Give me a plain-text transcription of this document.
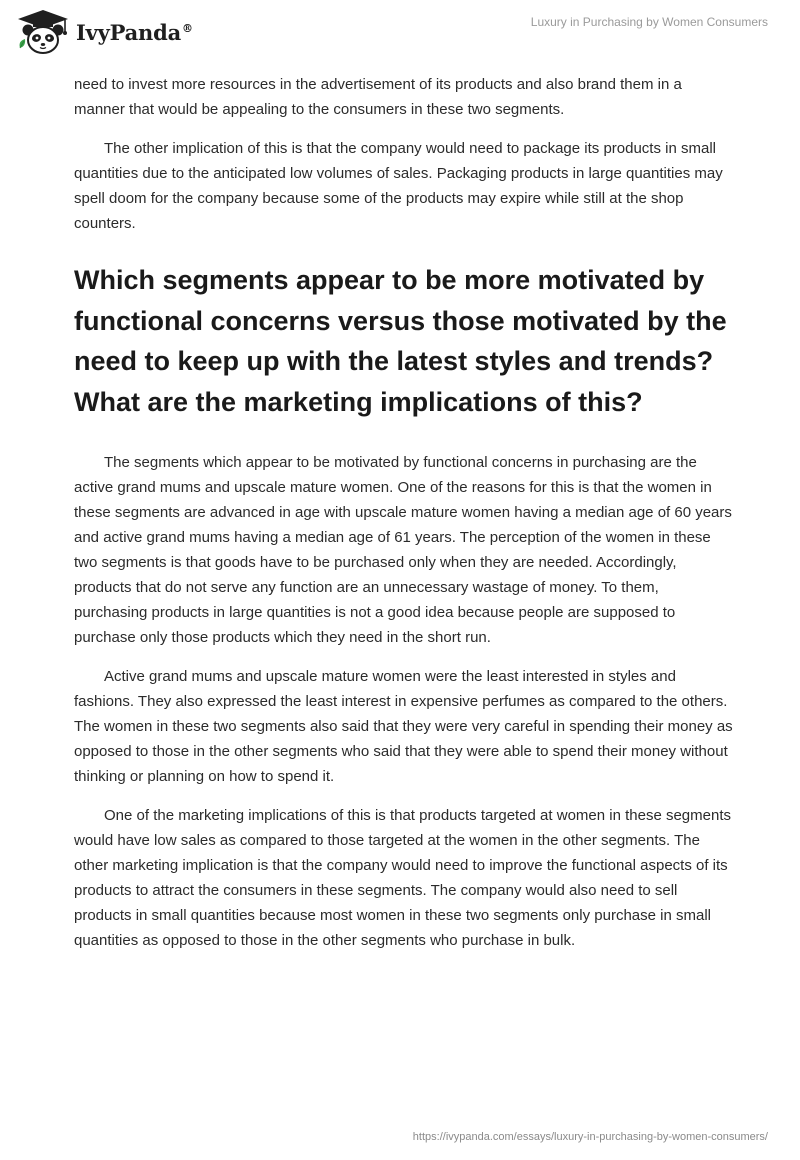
IvyPanda®	Luxury in Purchasing by Women Consumers

need to invest more resources in the advertisement of its products and also brand them in a manner that would be appealing to the consumers in these two segments.

The other implication of this is that the company would need to package its products in small quantities due to the anticipated low volumes of sales. Packaging products in large quantities may spell doom for the company because some of the products may expire while still at the shop counters.

Which segments appear to be more motivated by functional concerns versus those motivated by the need to keep up with the latest styles and trends? What are the marketing implications of this?

The segments which appear to be motivated by functional concerns in purchasing are the active grand mums and upscale mature women. One of the reasons for this is that the women in these segments are advanced in age with upscale mature women having a median age of 60 years and active grand mums having a median age of 61 years. The perception of the women in these two segments is that goods have to be purchased only when they are needed. Accordingly, products that do not serve any function are an unnecessary wastage of money. To them, purchasing products in large quantities is not a good idea because people are supposed to purchase only those products which they need in the short run.

Active grand mums and upscale mature women were the least interested in styles and fashions. They also expressed the least interest in expensive perfumes as compared to the others. The women in these two segments also said that they were very careful in spending their money as opposed to those in the other segments who said that they were able to spend their money without thinking or planning on how to spend it.

One of the marketing implications of this is that products targeted at women in these segments would have low sales as compared to those targeted at the women in the other segments. The other marketing implication is that the company would need to improve the functional aspects of its products to attract the consumers in these segments. The company would also need to sell products in small quantities because most women in these two segments only purchase in small quantities as opposed to those in the other segments who purchase in bulk.

https://ivypanda.com/essays/luxury-in-purchasing-by-women-consumers/
